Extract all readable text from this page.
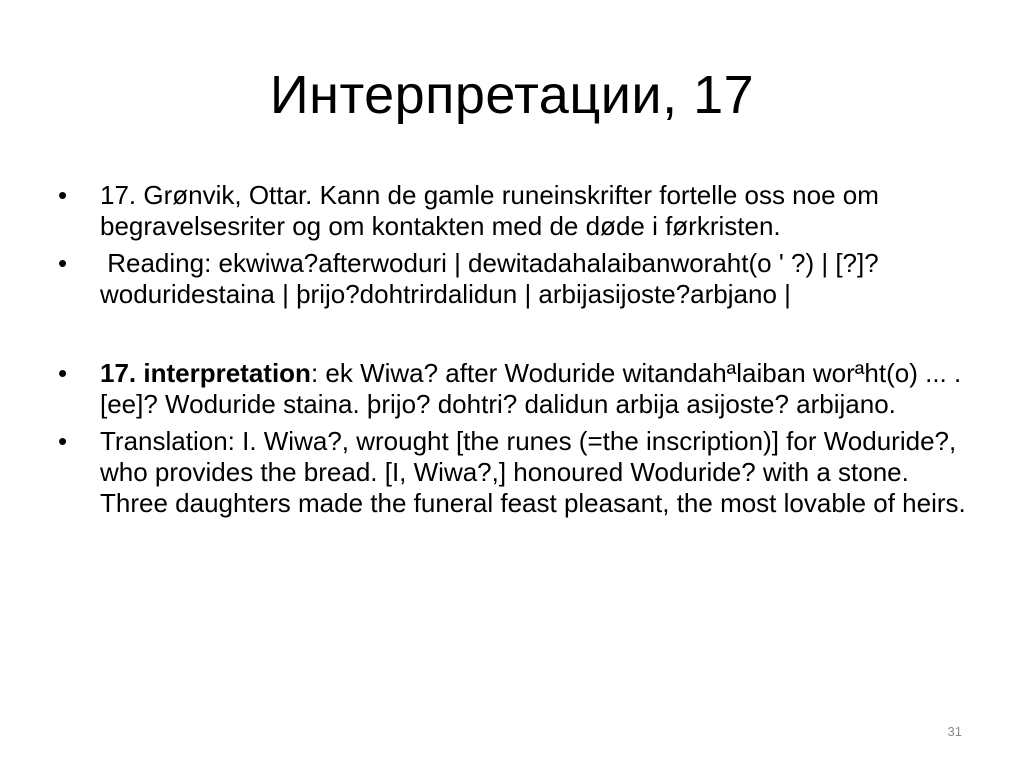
Интерпретации, 17
•	17. Grønvik, Ottar. Kann de gamle runeinskrifter fortelle oss noe om begravelsesriter og om kontakten med de døde i førkristen.
•	Reading: ekwiwa?afterwoduri | dewitadahalaibanworaht(o ' ?) | [?]?woduridestaina | þrijo?dohtrirdalidun | arbijasijoste?arbjano |
•	17. interpretation: ek Wiwa? after Woduride witandahªlaiban worªht(o) ... . [ee]? Woduride staina. þrijo? dohtri? dalidun arbija asijoste? arbijano.
•	Translation: I. Wiwa?, wrought [the runes (=the inscription)] for Woduride?, who provides the bread. [I, Wiwa?,] honoured Woduride? with a stone. Three daughters made the funeral feast pleasant, the most lovable of heirs.
31
